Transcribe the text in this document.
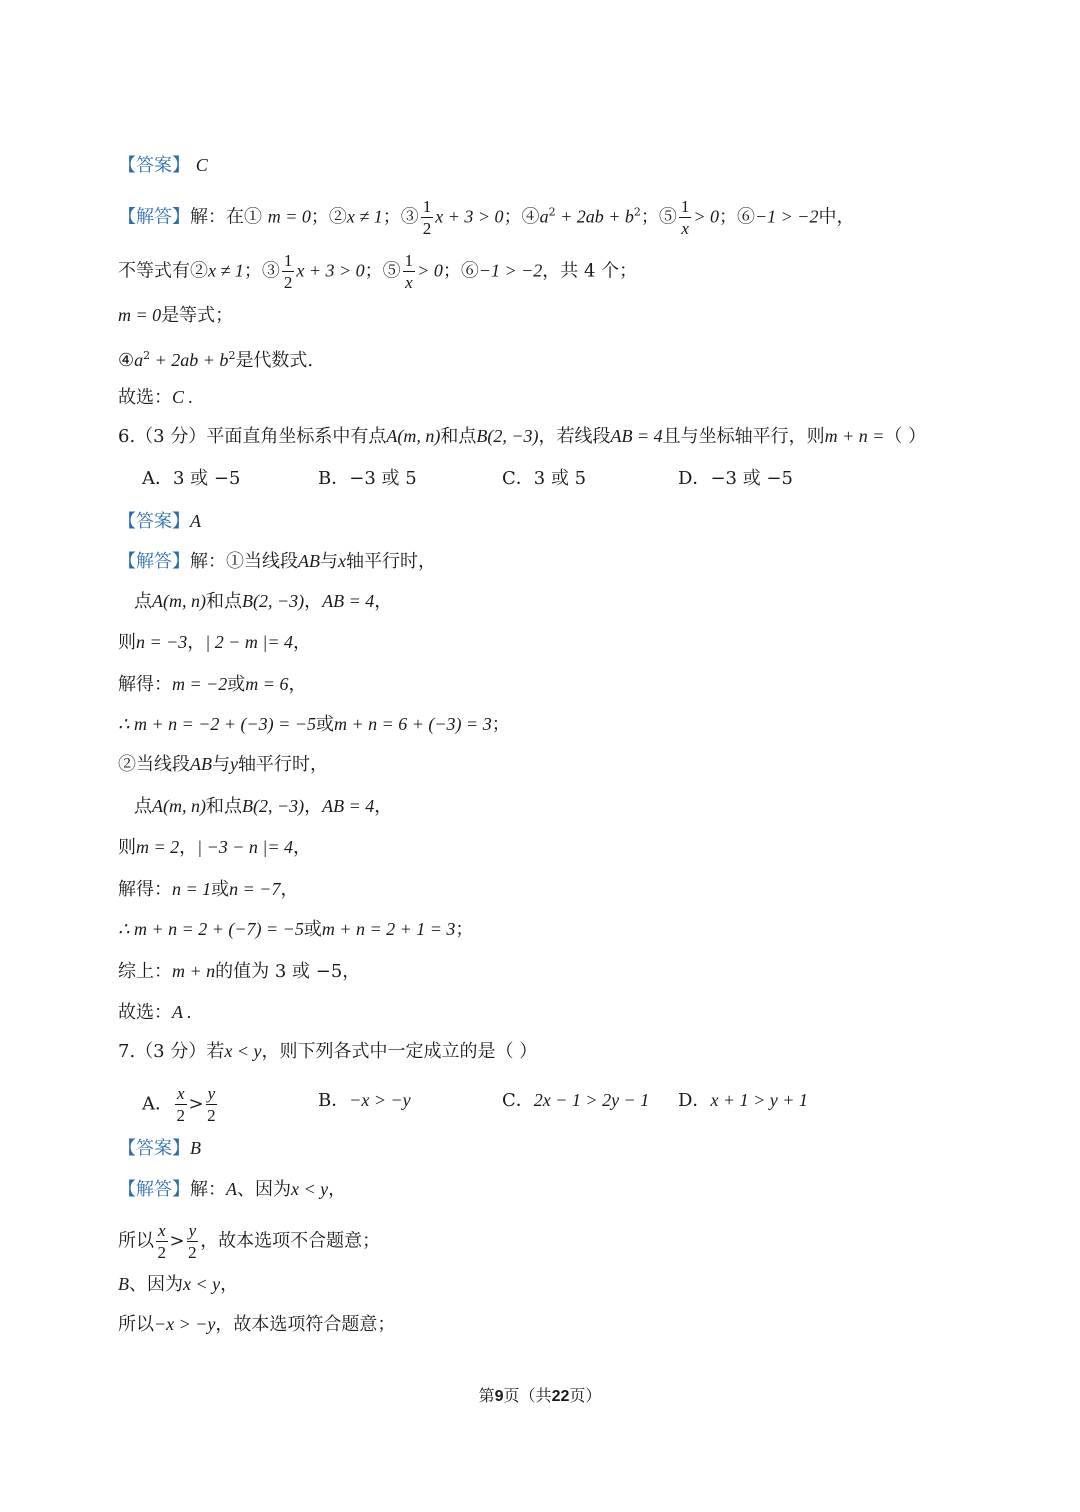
【答案】 C
【解答】解：在① m = 0；②x ≠ 1；③ $\frac{1}{2}$ x + 3 > 0；$④a^2 + 2ab + b^2$；⑤ $\frac{1}{x} > 0$；⑥−1 > −2中，
不等式有②x ≠ 1；③ $\frac{1}{2}$ x + 3 > 0；⑤ $\frac{1}{x} > 0$；⑥−1 > −2，共 4 个；
m = 0是等式；
$④a^2 + 2ab + b^2$是代数式.
故选：C .
6.（3 分）平面直角坐标系中有点A(m, n)和点B(2, −3)，若线段AB = 4且与坐标轴平行，则m + n =（ ）
A．3 或 −5	B．−3 或 5	C．3 或 5	D．−3 或 −5
【答案】A
【解答】解：①当线段AB与x轴平行时，
点A(m, n)和点B(2, −3)，AB = 4，
则n = −3，| 2 − m |= 4，
解得：m = −2或m = 6，
∴ m + n = −2 + (−3) = −5或m + n = 6 + (−3) = 3；
②当线段AB与y轴平行时，
点A(m, n)和点B(2, −3)，AB = 4，
则m = 2，| −3 − n |= 4，
解得：n = 1或n = −7，
∴ m + n = 2 + (−7) = −5或m + n = 2 + 1 = 3；
综上：m + n的值为 3 或 −5，
故选：A .
7.（3 分）若x < y，则下列各式中一定成立的是（ ）
A． $\frac{x}{2} > \frac{y}{2}$	B．−x > −y	C．2x − 1 > 2y − 1 D．x + 1 > y + 1
【答案】B
【解答】解：A、因为x < y，
所以 $\frac{x}{2} > \frac{y}{2}$ ，故本选项不合题意；
B、因为x < y，
所以−x > −y，故本选项符合题意；
第9页（共22页）
